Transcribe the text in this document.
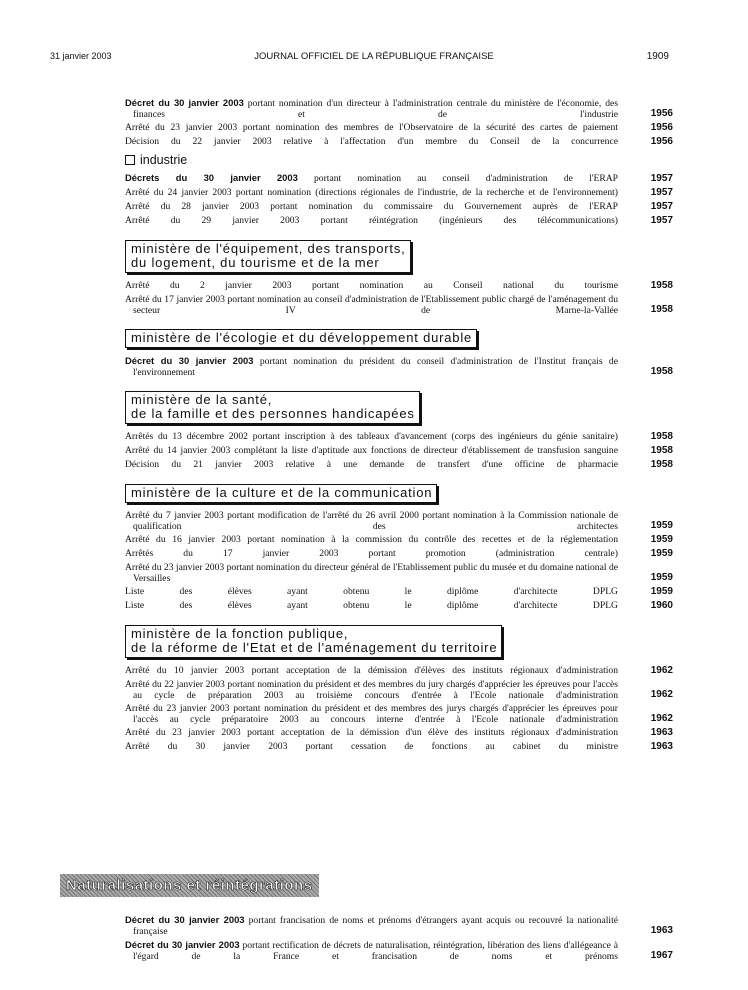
31 janvier 2003	JOURNAL OFFICIEL DE LA RÉPUBLIQUE FRANÇAISE	1909
Décret du 30 janvier 2003 portant nomination d'un directeur à l'administration centrale du ministère de l'économie, des finances et de l'industrie .....	1956
Arrêté du 23 janvier 2003 portant nomination des membres de l'Observatoire de la sécurité des cartes de paiement .....	1956
Décision du 22 janvier 2003 relative à l'affectation d'un membre du Conseil de la concurrence .....	1956
industrie
Décrets du 30 janvier 2003 portant nomination au conseil d'administration de l'ERAP .....	1957
Arrêté du 24 janvier 2003 portant nomination (directions régionales de l'industrie, de la recherche et de l'environnement) .....	1957
Arrêté du 28 janvier 2003 portant nomination du commissaire du Gouvernement auprès de l'ERAP .....	1957
Arrêté du 29 janvier 2003 portant réintégration (ingénieurs des télécommunications) .....	1957
ministère de l'équipement, des transports,
du logement, du tourisme et de la mer
Arrêté du 2 janvier 2003 portant nomination au Conseil national du tourisme .....	1958
Arrêté du 17 janvier 2003 portant nomination au conseil d'administration de l'Etablissement public chargé de l'aménagement du secteur IV de Marne-la-Vallée .....	1958
ministère de l'écologie et du développement durable
Décret du 30 janvier 2003 portant nomination du président du conseil d'administration de l'Institut français de l'environnement .....	1958
ministère de la santé,
de la famille et des personnes handicapées
Arrêtés du 13 décembre 2002 portant inscription à des tableaux d'avancement (corps des ingénieurs du génie sanitaire) .....	1958
Arrêté du 14 janvier 2003 complétant la liste d'aptitude aux fonctions de directeur d'établissement de transfusion sanguine .....	1958
Décision du 21 janvier 2003 relative à une demande de transfert d'une officine de pharmacie .....	1958
ministère de la culture et de la communication
Arrêté du 7 janvier 2003 portant modification de l'arrêté du 26 avril 2000 portant nomination à la Commission nationale de qualification des architectes .....	1959
Arrêté du 16 janvier 2003 portant nomination à la commission du contrôle des recettes et de la réglementation .....	1959
Arrêtés du 17 janvier 2003 portant promotion (administration centrale) .....	1959
Arrêté du 23 janvier 2003 portant nomination du directeur général de l'Etablissement public du musée et du domaine national de Versailles .....	1959
Liste des élèves ayant obtenu le diplôme d'architecte DPLG .....	1959
Liste des élèves ayant obtenu le diplôme d'architecte DPLG .....	1960
ministère de la fonction publique,
de la réforme de l'Etat et de l'aménagement du territoire
Arrêté du 10 janvier 2003 portant acceptation de la démission d'élèves des instituts régionaux d'administration .....	1962
Arrêté du 22 janvier 2003 portant nomination du président et des membres du jury chargés d'apprécier les épreuves pour l'accès au cycle de préparation 2003 au troisième concours d'entrée à l'Ecole nationale d'administration .....	1962
Arrêté du 23 janvier 2003 portant nomination du président et des membres des jurys chargés d'apprécier les épreuves pour l'accès au cycle préparatoire 2003 au concours interne d'entrée à l'Ecole nationale d'administration .....	1962
Arrêté du 23 janvier 2003 portant acceptation de la démission d'un élève des instituts régionaux d'administration .....	1963
Arrêté du 30 janvier 2003 portant cessation de fonctions au cabinet du ministre .....	1963
Naturalisations et réintégrations
Décret du 30 janvier 2003 portant francisation de noms et prénoms d'étrangers ayant acquis ou recouvré la nationalité française .....	1963
Décret du 30 janvier 2003 portant rectification de décrets de naturalisation, réintégration, libération des liens d'allégeance à l'égard de la France et francisation de noms et prénoms .....	1967
